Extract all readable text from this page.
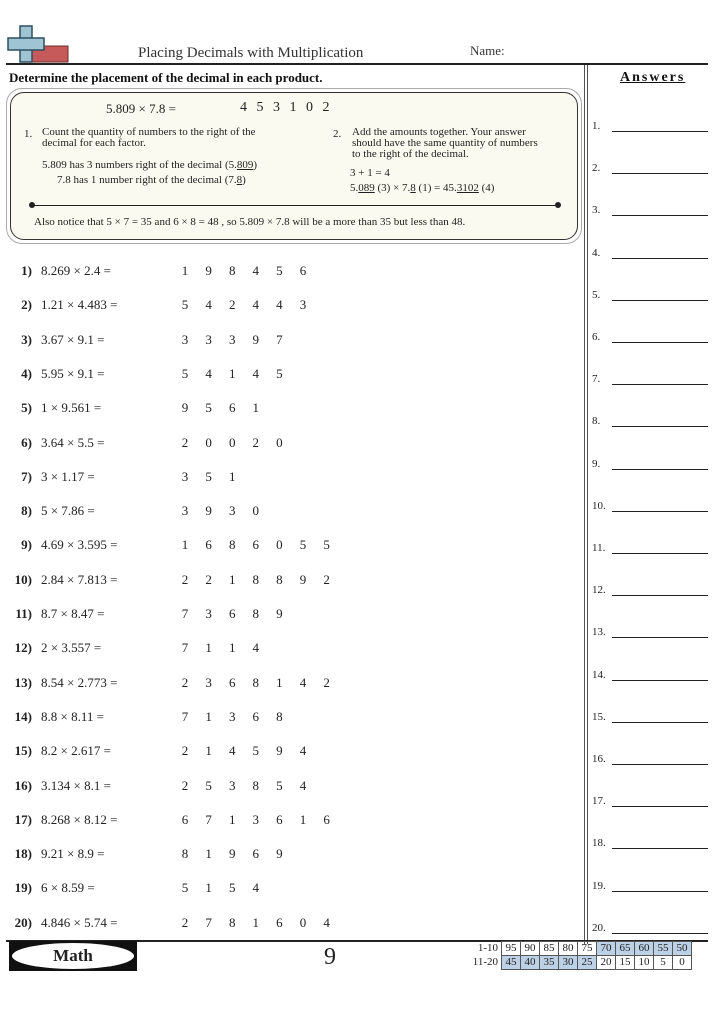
Placing Decimals with Multiplication	Name:
Determine the placement of the decimal in each product.	Answers
1.
2.
3.
4.
5.
6.
7.
8.
9.
10.
11.
12.
13.
14.
15.
16.
17.
18.
19.
20.
5.809 × 7.8 =	4 5 3 1 0 2
1. Count the quantity of numbers to the right of the
decimal for each factor.
5.809 has 3 numbers right of the decimal (5.809)
7.8 has 1 number right of the decimal (7.8)
2. Add the amounts together. Your answer
should have the same quantity of numbers
to the right of the decimal.
3 + 1 = 4
5.089 (3) × 7.8 (1) = 45.3102 (4)
Also notice that 5 × 7 = 35 and 6 × 8 = 48 , so 5.809 × 7.8 will be a more than 35 but less than 48.
1) 8.269 × 2.4 =	1 9 8 4 5 6
2) 1.21 × 4.483 =	5 4 2 4 4 3
3) 3.67 × 9.1 =	3 3 3 9 7
4) 5.95 × 9.1 =	5 4 1 4 5
5) 1 × 9.561 =	9 5 6 1
6) 3.64 × 5.5 =	2 0 0 2 0
7) 3 × 1.17 =	3 5 1
8) 5 × 7.86 =	3 9 3 0
9) 4.69 × 3.595 =	1 6 8 6 0 5 5
10) 2.84 × 7.813 =	2 2 1 8 8 9 2
11) 8.7 × 8.47 =	7 3 6 8 9
12) 2 × 3.557 =	7 1 1 4
13) 8.54 × 2.773 =	2 3 6 8 1 4 2
14) 8.8 × 8.11 =	7 1 3 6 8
15) 8.2 × 2.617 =	2 1 4 5 9 4
16) 3.134 × 8.1 =	2 5 3 8 5 4
17) 8.268 × 8.12 =	6 7 1 3 6 1 6
18) 9.21 × 8.9 =	8 1 9 6 9
19) 6 × 8.59 =	5 1 5 4
20) 4.846 × 5.74 =	2 7 8 1 6 0 4
Math	9	1-10	95	90	85	80	75	70	65	60	55	50
11-20	45	40	35	30	25	20	15	10	5	0
